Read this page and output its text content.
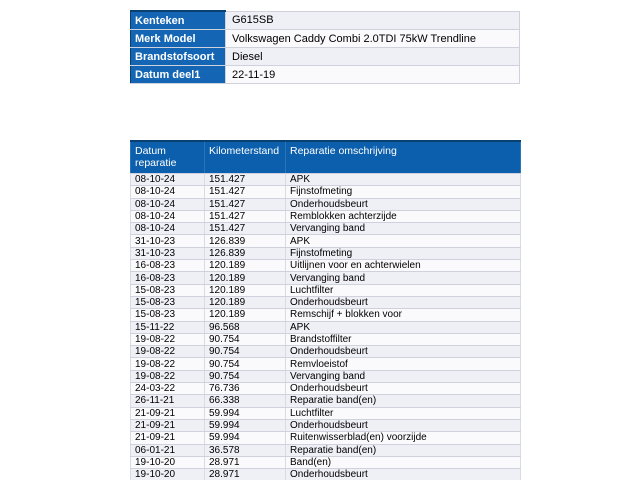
Kenteken	G615SB
Merk Model	Volkswagen Caddy Combi 2.0TDI 75kW Trendline
Brandstofsoort	Diesel
Datum deel1	22-11-19
Datum reparatie	Kilometerstand	Reparatie omschrijving
08-10-24	151.427	APK
08-10-24	151.427	Fijnstofmeting
08-10-24	151.427	Onderhoudsbeurt
08-10-24	151.427	Remblokken achterzijde
08-10-24	151.427	Vervanging band
31-10-23	126.839	APK
31-10-23	126.839	Fijnstofmeting
16-08-23	120.189	Uitlijnen voor en achterwielen
16-08-23	120.189	Vervanging band
15-08-23	120.189	Luchtfilter
15-08-23	120.189	Onderhoudsbeurt
15-08-23	120.189	Remschijf + blokken voor
15-11-22	96.568	APK
19-08-22	90.754	Brandstoffilter
19-08-22	90.754	Onderhoudsbeurt
19-08-22	90.754	Remvloeistof
19-08-22	90.754	Vervanging band
24-03-22	76.736	Onderhoudsbeurt
26-11-21	66.338	Reparatie band(en)
21-09-21	59.994	Luchtfilter
21-09-21	59.994	Onderhoudsbeurt
21-09-21	59.994	Ruitenwisserblad(en) voorzijde
06-01-21	36.578	Reparatie band(en)
19-10-20	28.971	Band(en)
19-10-20	28.971	Onderhoudsbeurt
